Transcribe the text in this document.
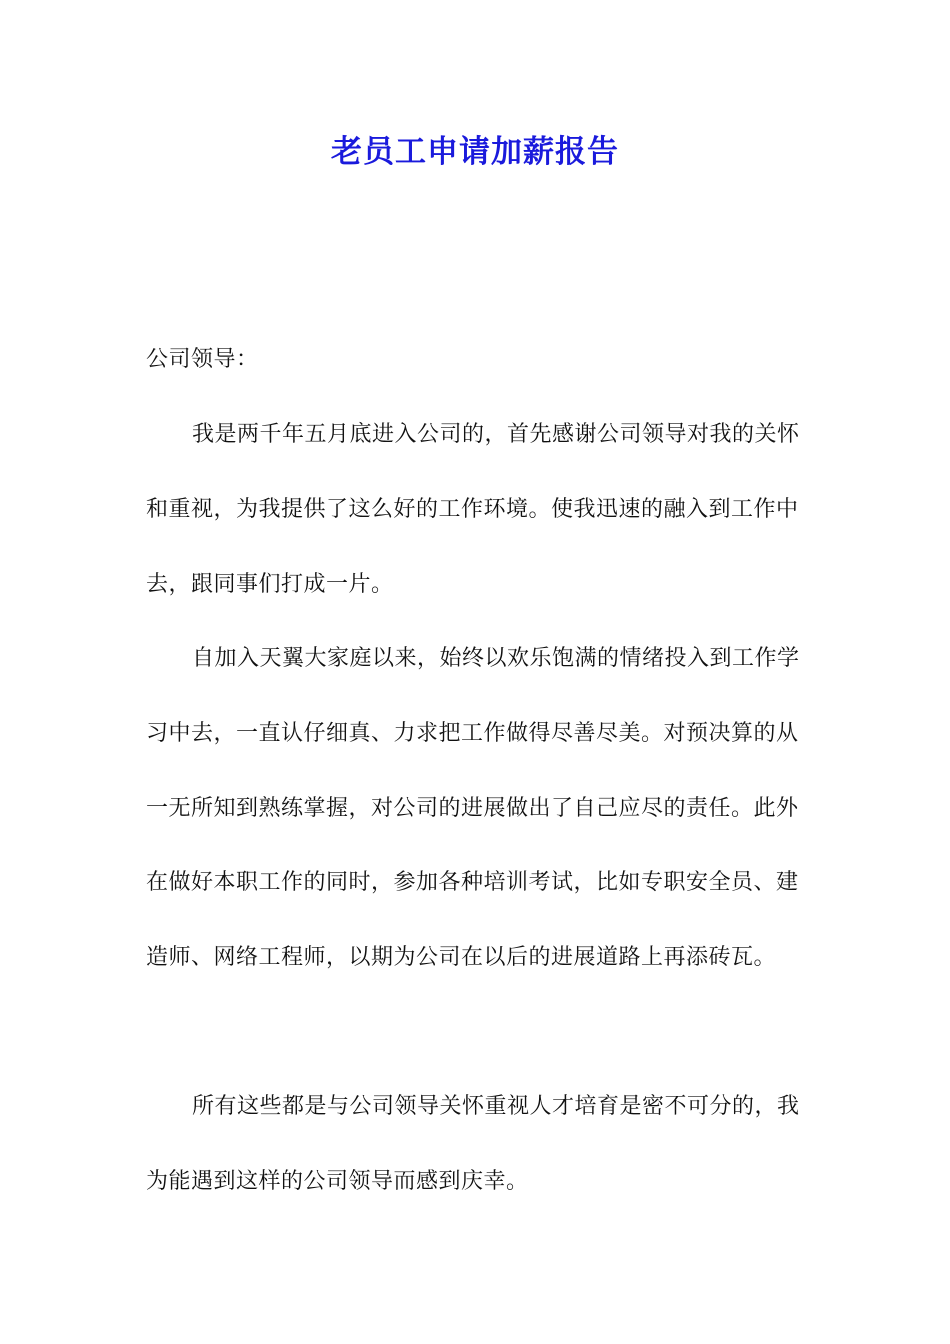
老员工申请加薪报告

公司领导：

我是两千年五月底进入公司的，首先感谢公司领导对我的关怀和重视，为我提供了这么好的工作环境。使我迅速的融入到工作中去，跟同事们打成一片。

自加入天翼大家庭以来，始终以欢乐饱满的情绪投入到工作学习中去，一直认仔细真、力求把工作做得尽善尽美。对预决算的从一无所知到熟练掌握，对公司的进展做出了自己应尽的责任。此外在做好本职工作的同时，参加各种培训考试，比如专职安全员、建造师、网络工程师，以期为公司在以后的进展道路上再添砖瓦。

所有这些都是与公司领导关怀重视人才培育是密不可分的，我为能遇到这样的公司领导而感到庆幸。
